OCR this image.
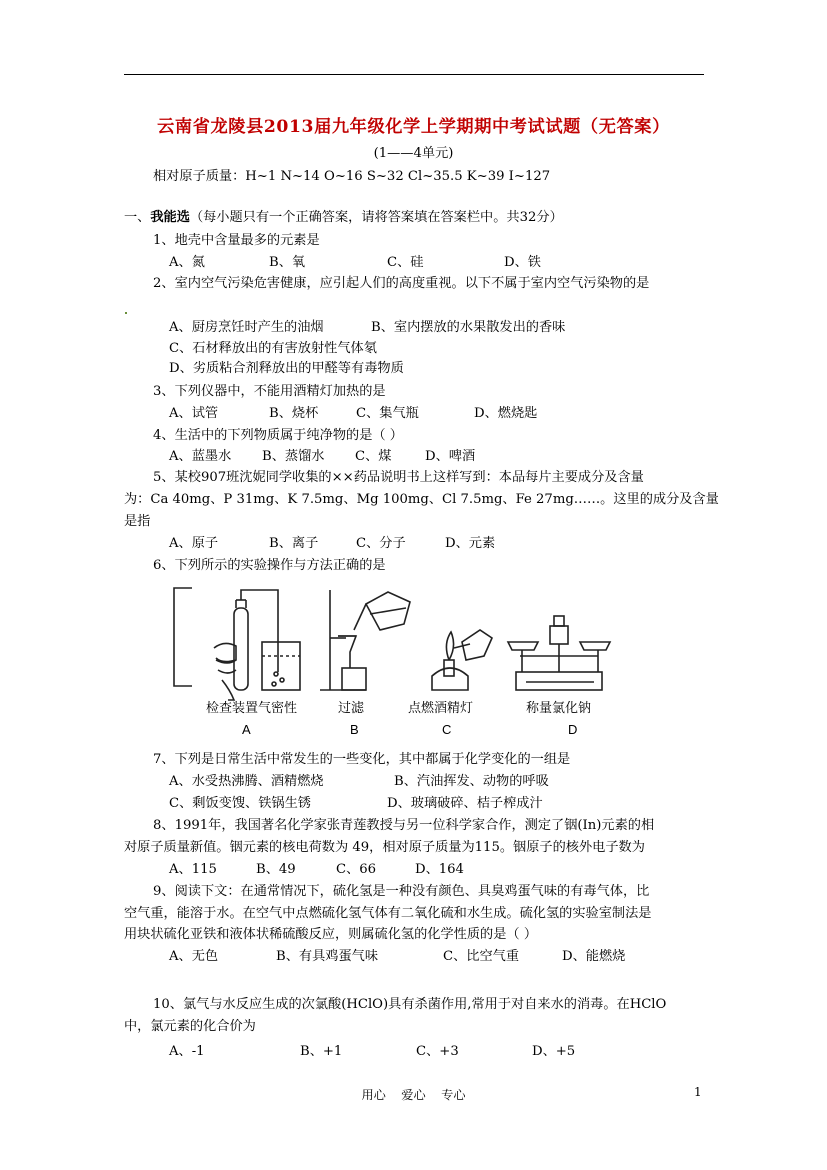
云南省龙陵县2013届九年级化学上学期期中考试试题（无答案）
(1——4单元)
相对原子质量：H~1 N~14 O~16 S~32 Cl~35.5 K~39 I~127
一、我能选（每小题只有一个正确答案，请将答案填在答案栏中。共32分）
1、地壳中含量最多的元素是
A、氮	B、氧	C、硅	D、铁
2、室内空气污染危害健康，应引起人们的高度重视。以下不属于室内空气污染物的是
A、厨房烹饪时产生的油烟	B、室内摆放的水果散发出的香味
C、石材释放出的有害放射性气体氡
D、劣质粘合剂释放出的甲醛等有毒物质
3、下列仪器中，不能用酒精灯加热的是
A、试管	B、烧杯	C、集气瓶	D、燃烧匙
4、生活中的下列物质属于纯净物的是（ ）
A、蓝墨水 B、蒸馏水 C、煤	D、啤酒
5、某校907班沈妮同学收集的××药品说明书上这样写到：本品每片主要成分及含量
为：Ca 40mg、P 31mg、K 7.5mg、Mg 100mg、Cl 7.5mg、Fe 27mg……。这里的成分及含量
是指
A、原子	B、离子	C、分子	D、元素
6、下列所示的实验操作与方法正确的是
检查装置气密性	过滤	点燃酒精灯	称量氯化钠
A	B	C	D
7、下列是日常生活中常发生的一些变化，其中都属于化学变化的一组是
A、水受热沸腾、酒精燃烧	B、汽油挥发、动物的呼吸
C、剩饭变馊、铁锅生锈	D、玻璃破碎、桔子榨成汁
8、1991年，我国著名化学家张青莲教授与另一位科学家合作，测定了铟(In)元素的相
对原子质量新值。铟元素的核电荷数为 49，相对原子质量为115。铟原子的核外电子数为
A、115	B、49	C、66	D、164
9、阅读下文：在通常情况下，硫化氢是一种没有颜色、具臭鸡蛋气味的有毒气体，比
空气重，能溶于水。在空气中点燃硫化氢气体有二氧化硫和水生成。硫化氢的实验室制法是
用块状硫化亚铁和液体状稀硫酸反应，则属硫化氢的化学性质的是（ ）
A、无色	B、有具鸡蛋气味	C、比空气重	D、能燃烧
10、氯气与水反应生成的次氯酸(HClO)具有杀菌作用,常用于对自来水的消毒。在HClO
中，氯元素的化合价为
A、-1	B、+1	C、+3	D、+5
用心    爱心    专心	1
